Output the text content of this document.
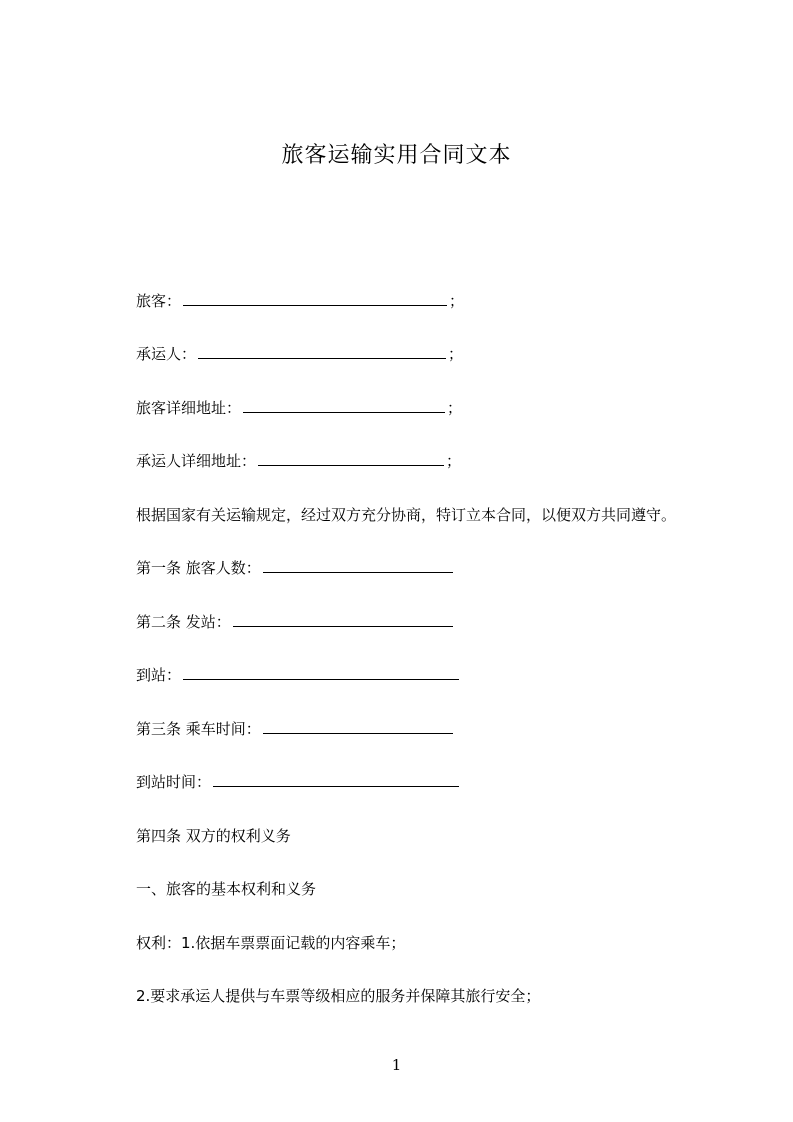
旅客运输实用合同文本
旅客：	；
承运人：	；
旅客详细地址：	；
承运人详细地址：	；
根据国家有关运输规定，经过双方充分协商，特订立本合同，以便双方共同遵守。
第一条 旅客人数：
第二条 发站：
到站：
第三条 乘车时间：
到站时间：
第四条 双方的权利义务
一、旅客的基本权利和义务
权利：1.依据车票票面记载的内容乘车；
2.要求承运人提供与车票等级相应的服务并保障其旅行安全；
1
